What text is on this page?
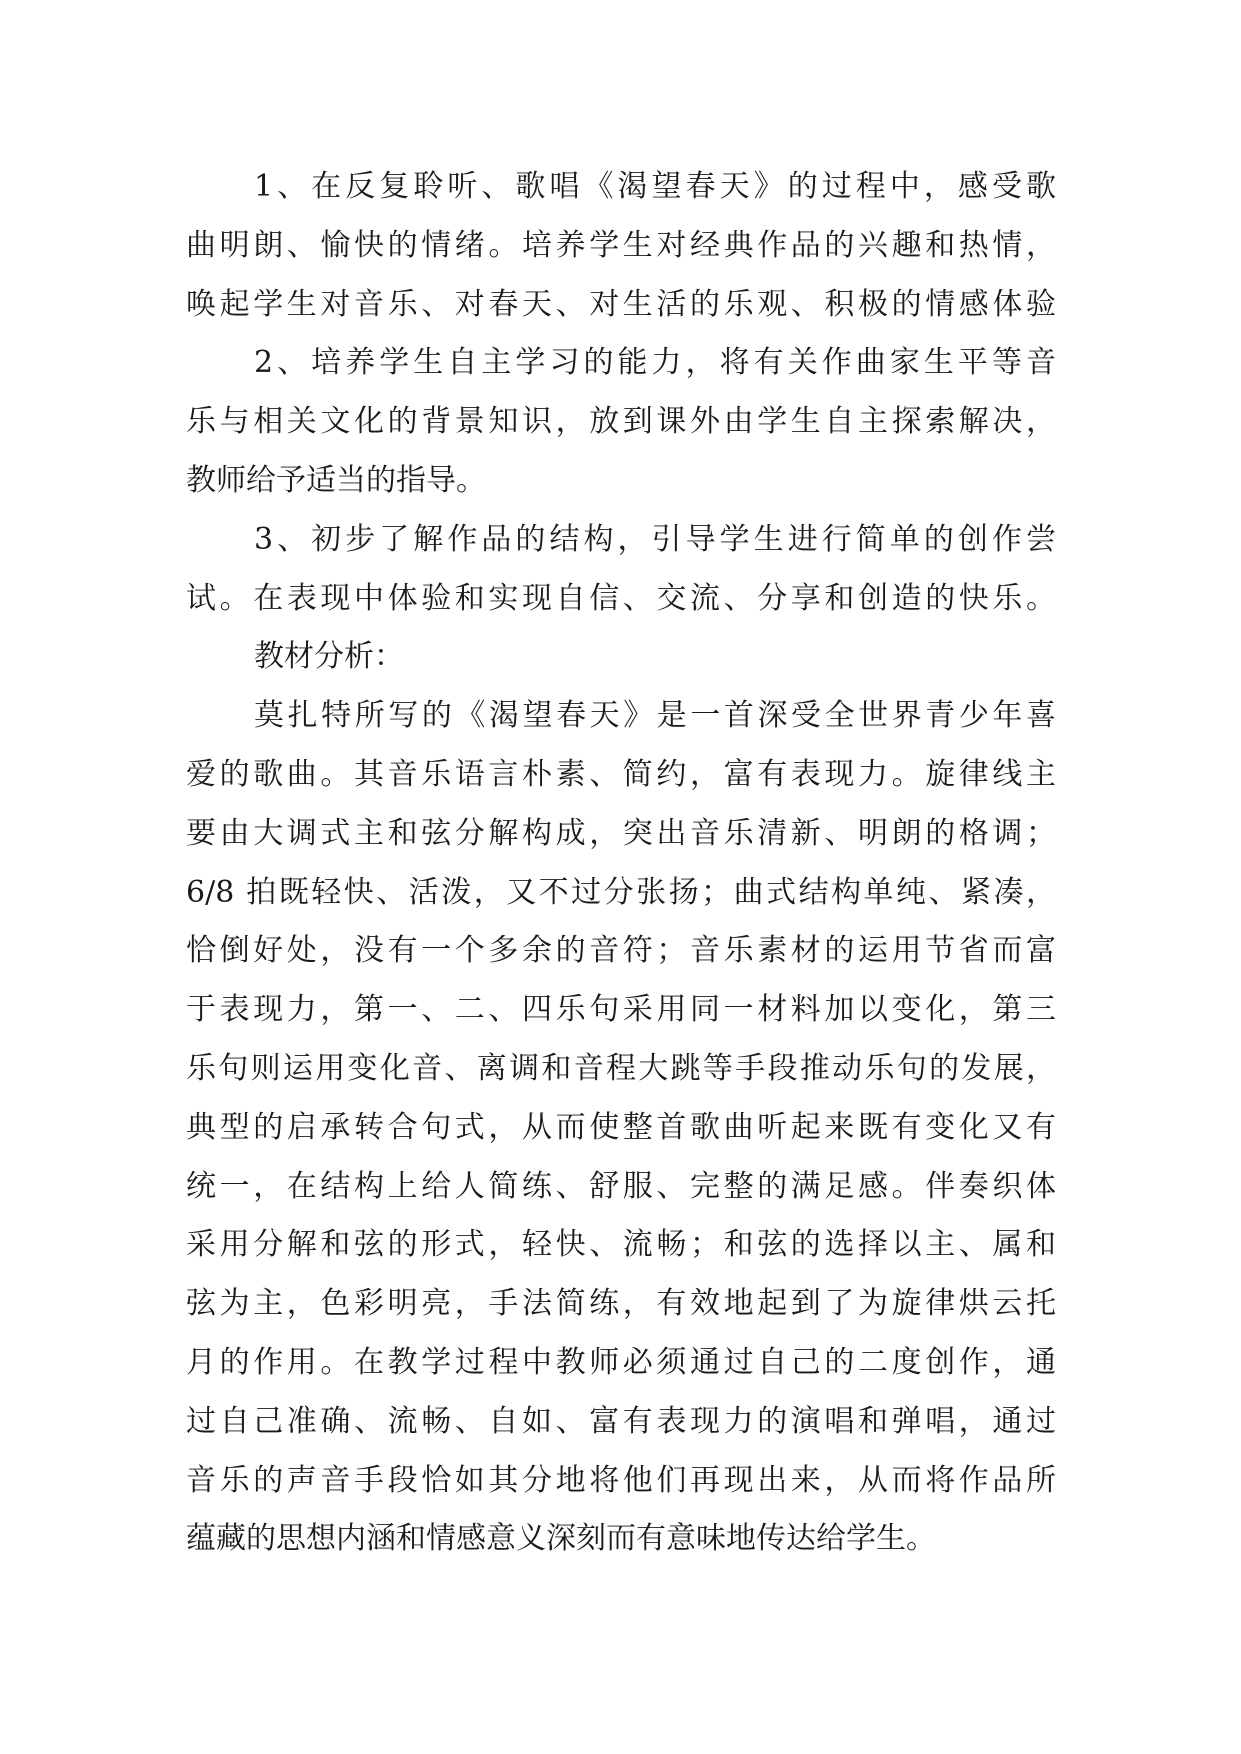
1、在反复聆听、歌唱《渴望春天》的过程中，感受歌
曲明朗、愉快的情绪。培养学生对经典作品的兴趣和热情，
唤起学生对音乐、对春天、对生活的乐观、积极的情感体验
2、培养学生自主学习的能力，将有关作曲家生平等音
乐与相关文化的背景知识，放到课外由学生自主探索解决，
教师给予适当的指导。
3、初步了解作品的结构，引导学生进行简单的创作尝
试。在表现中体验和实现自信、交流、分享和创造的快乐。
教材分析：
莫扎特所写的《渴望春天》是一首深受全世界青少年喜
爱的歌曲。其音乐语言朴素、简约，富有表现力。旋律线主
要由大调式主和弦分解构成，突出音乐清新、明朗的格调；
6/8 拍既轻快、活泼，又不过分张扬；曲式结构单纯、紧凑，
恰倒好处，没有一个多余的音符；音乐素材的运用节省而富
于表现力，第一、二、四乐句采用同一材料加以变化，第三
乐句则运用变化音、离调和音程大跳等手段推动乐句的发展，
典型的启承转合句式，从而使整首歌曲听起来既有变化又有
统一，在结构上给人简练、舒服、完整的满足感。伴奏织体
采用分解和弦的形式，轻快、流畅；和弦的选择以主、属和
弦为主，色彩明亮，手法简练，有效地起到了为旋律烘云托
月的作用。在教学过程中教师必须通过自己的二度创作，通
过自己准确、流畅、自如、富有表现力的演唱和弹唱，通过
音乐的声音手段恰如其分地将他们再现出来，从而将作品所
蕴藏的思想内涵和情感意义深刻而有意味地传达给学生。
